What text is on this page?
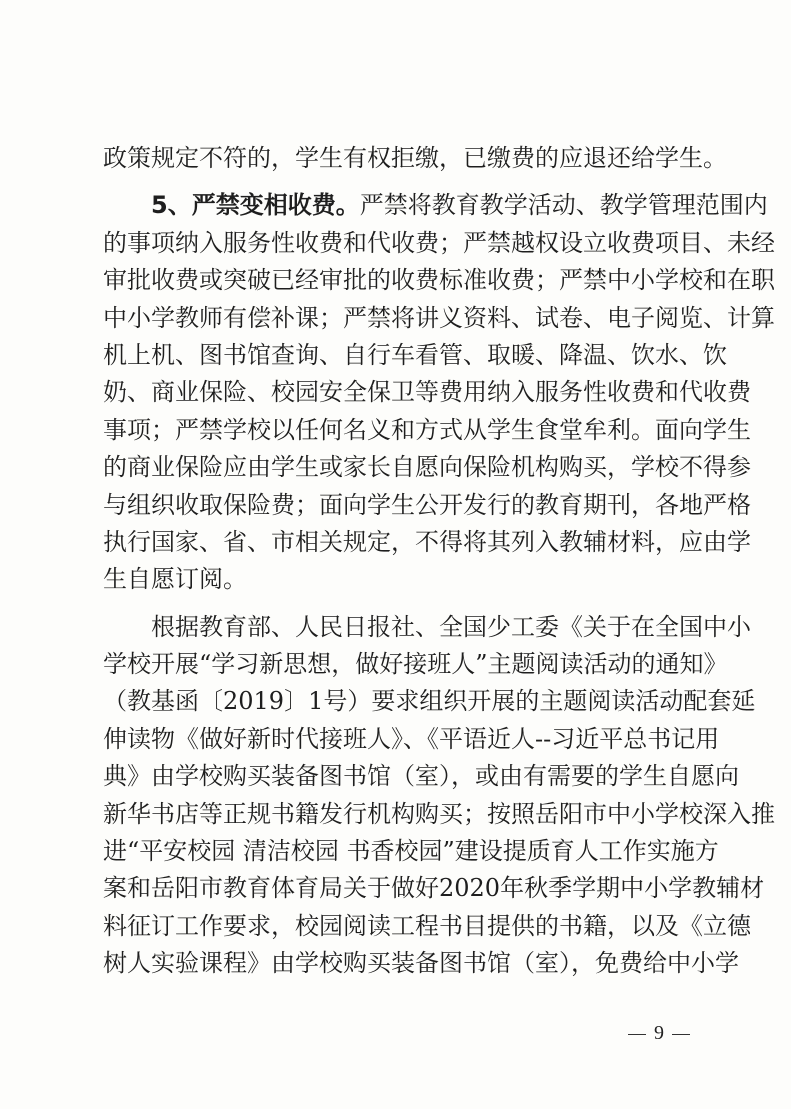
政策规定不符的，学生有权拒缴，已缴费的应退还给学生。
5、严禁变相收费。严禁将教育教学活动、教学管理范围内
的事项纳入服务性收费和代收费；严禁越权设立收费项目、未经
审批收费或突破已经审批的收费标准收费；严禁中小学校和在职
中小学教师有偿补课；严禁将讲义资料、试卷、电子阅览、计算
机上机、图书馆查询、自行车看管、取暖、降温、饮水、饮
奶、商业保险、校园安全保卫等费用纳入服务性收费和代收费
事项；严禁学校以任何名义和方式从学生食堂牟利。面向学生
的商业保险应由学生或家长自愿向保险机构购买，学校不得参
与组织收取保险费；面向学生公开发行的教育期刊，各地严格
执行国家、省、市相关规定，不得将其列入教辅材料，应由学
生自愿订阅。
根据教育部、人民日报社、全国少工委《关于在全国中小
学校开展“学习新思想，做好接班人”主题阅读活动的通知》
（教基函〔2019〕1号）要求组织开展的主题阅读活动配套延
伸读物《做好新时代接班人》、《平语近人--习近平总书记用
典》由学校购买装备图书馆（室），或由有需要的学生自愿向
新华书店等正规书籍发行机构购买；按照岳阳市中小学校深入推
进“平安校园 清洁校园 书香校园”建设提质育人工作实施方
案和岳阳市教育体育局关于做好2020年秋季学期中小学教辅材
料征订工作要求，校园阅读工程书目提供的书籍，以及《立德
树人实验课程》由学校购买装备图书馆（室），免费给中小学
9
